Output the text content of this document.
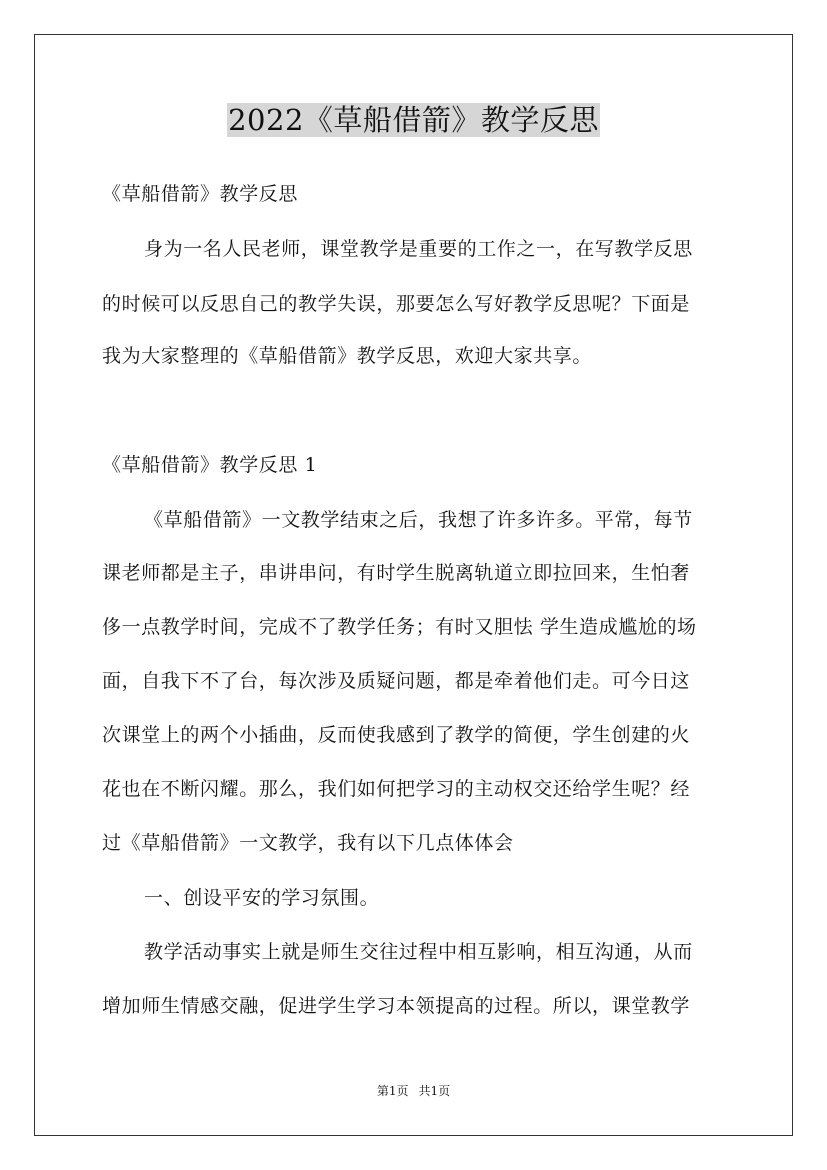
2022《草船借箭》教学反思
《草船借箭》教学反思
身为一名人民老师，课堂教学是重要的工作之一，在写教学反思
的时候可以反思自己的教学失误，那要怎么写好教学反思呢？下面是
我为大家整理的《草船借箭》教学反思，欢迎大家共享。
《草船借箭》教学反思 1
《草船借箭》一文教学结束之后，我想了许多许多。平常，每节
课老师都是主子，串讲串问，有时学生脱离轨道立即拉回来，生怕奢
侈一点教学时间，完成不了教学任务；有时又胆怯 学生造成尴尬的场
面，自我下不了台，每次涉及质疑问题，都是牵着他们走。可今日这
次课堂上的两个小插曲，反而使我感到了教学的简便，学生创建的火
花也在不断闪耀。那么，我们如何把学习的主动权交还给学生呢？经
过《草船借箭》一文教学，我有以下几点体体会
一、创设平安的学习氛围。
教学活动事实上就是师生交往过程中相互影响，相互沟通，从而
增加师生情感交融，促进学生学习本领提高的过程。所以，课堂教学
第1页 共1页
